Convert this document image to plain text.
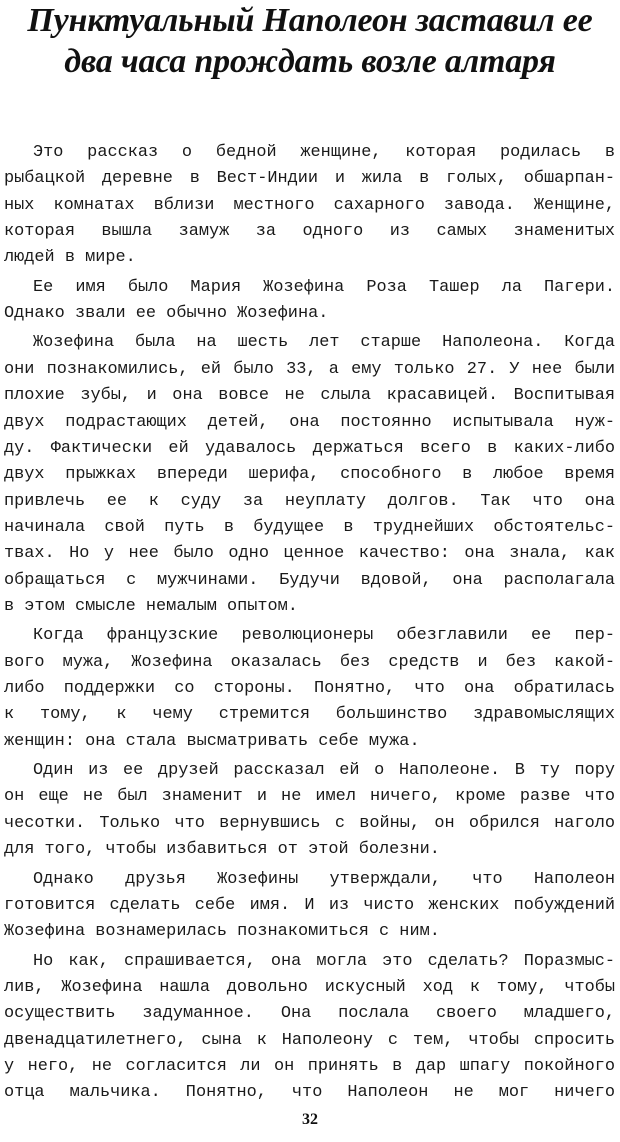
Пунктуальный Наполеон заставил ее
два часа прождать возле алтаря
Это рассказ о бедной женщине, которая родилась в
рыбацкой деревне в Вест-Индии и жила в голых, обшарпан-
ных комнатах вблизи местного сахарного завода. Женщине,
которая вышла замуж за одного из самых знаменитых
людей в мире.
Ее имя было Мария Жозефина Роза Ташер ла Пагери.
Однако звали ее обычно Жозефина.
Жозефина была на шесть лет старше Наполеона. Когда
они познакомились, ей было 33, а ему только 27. У нее были
плохие зубы, и она вовсе не слыла красавицей. Воспитывая
двух подрастающих детей, она постоянно испытывала нуж-
ду. Фактически ей удавалось держаться всего в каких-либо
двух прыжках впереди шерифа, способного в любое время
привлечь ее к суду за неуплату долгов. Так что она
начинала свой путь в будущее в труднейших обстоятельс-
твах. Но у нее было одно ценное качество: она знала, как
обращаться с мужчинами. Будучи вдовой, она располагала
в этом смысле немалым опытом.
Когда французские революционеры обезглавили ее пер-
вого мужа, Жозефина оказалась без средств и без какой-
либо поддержки со стороны. Понятно, что она обратилась
к тому, к чему стремится большинство здравомыслящих
женщин: она стала высматривать себе мужа.
Один из ее друзей рассказал ей о Наполеоне. В ту пору
он еще не был знаменит и не имел ничего, кроме разве что
чесотки. Только что вернувшись с войны, он обрился наголо
для того, чтобы избавиться от этой болезни.
Однако друзья Жозефины утверждали, что Наполеон
готовится сделать себе имя. И из чисто женских побуждений
Жозефина вознамерилась познакомиться с ним.
Но как, спрашивается, она могла это сделать? Поразмыс-
лив, Жозефина нашла довольно искусный ход к тому, чтобы
осуществить задуманное. Она послала своего младшего,
двенадцатилетнего, сына к Наполеону с тем, чтобы спросить
у него, не согласится ли он принять в дар шпагу покойного
отца мальчика. Понятно, что Наполеон не мог ничего
32
